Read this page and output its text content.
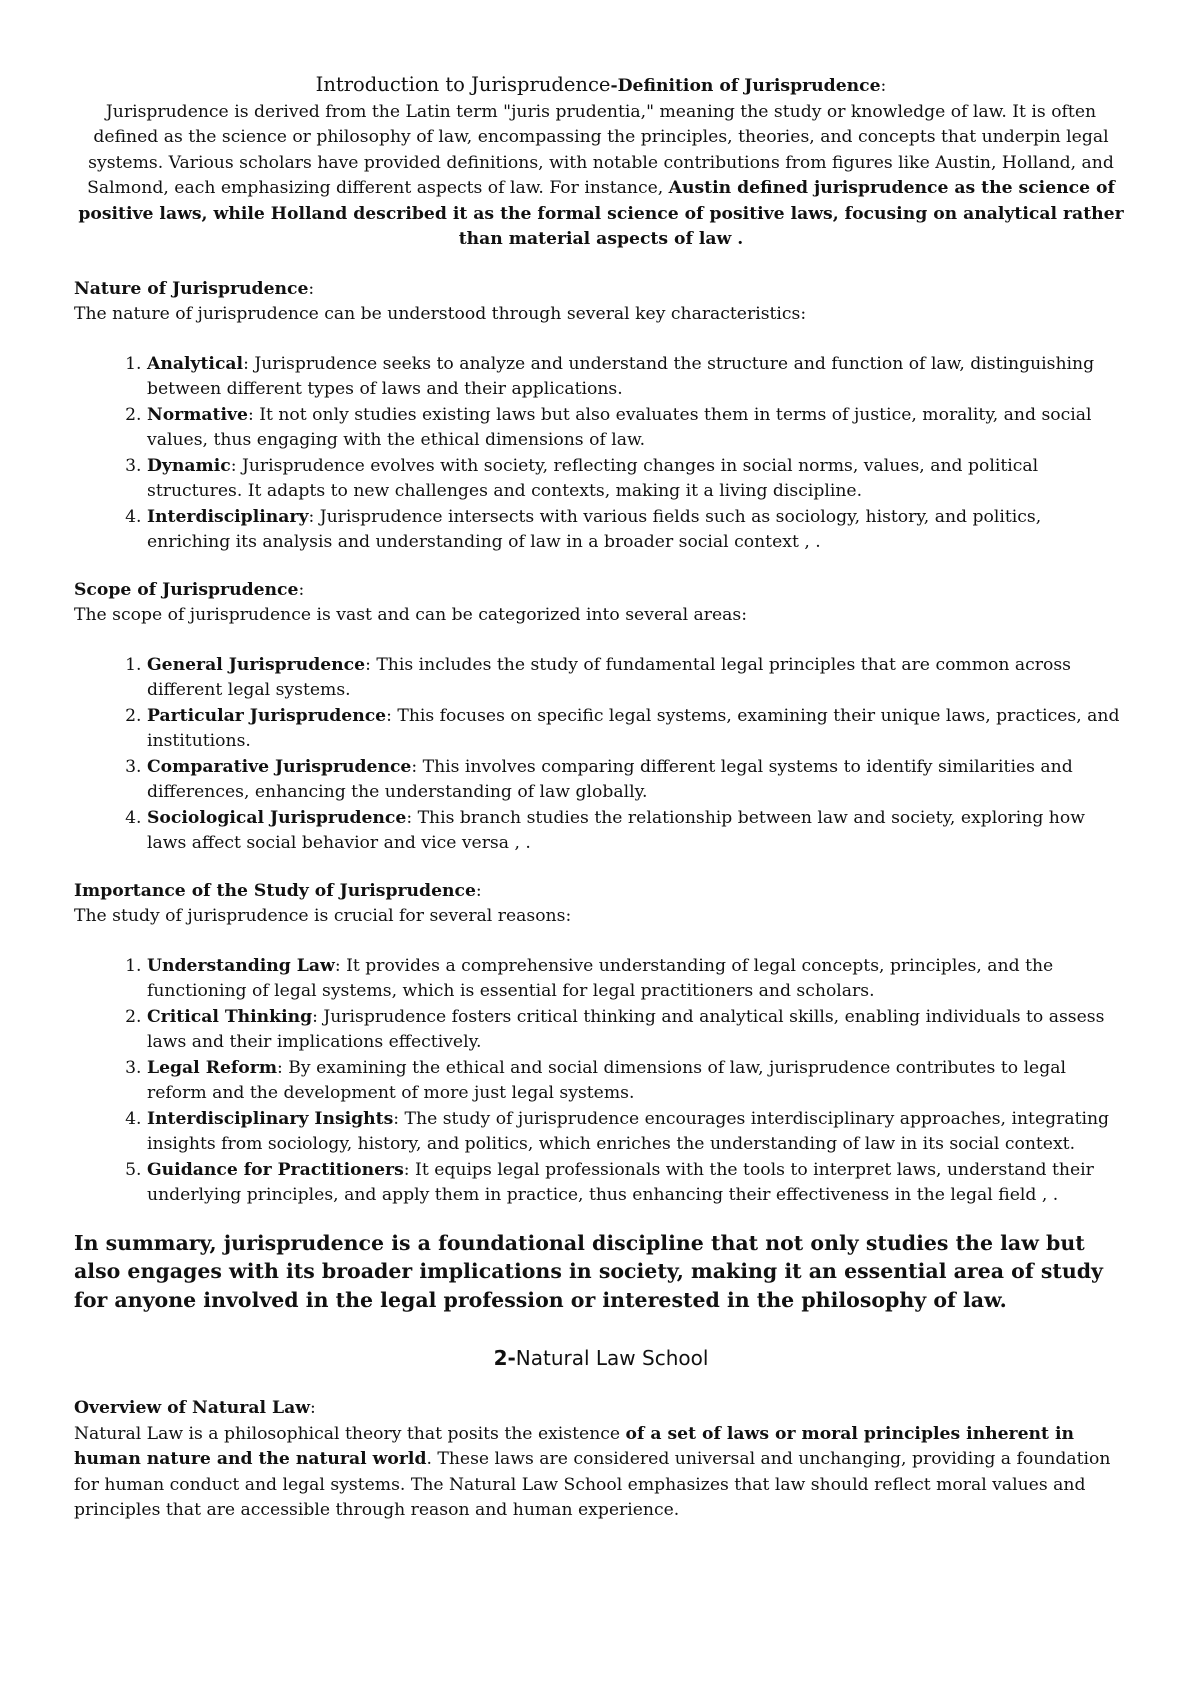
Introduction to Jurisprudence-Definition of Jurisprudence:

Jurisprudence is derived from the Latin term "juris prudentia," meaning the study or knowledge of law. It is often defined as the science or philosophy of law, encompassing the principles, theories, and concepts that underpin legal systems. Various scholars have provided definitions, with notable contributions from figures like Austin, Holland, and Salmond, each emphasizing different aspects of law. For instance, Austin defined jurisprudence as the science of positive laws, while Holland described it as the formal science of positive laws, focusing on analytical rather than material aspects of law .

Nature of Jurisprudence:

The nature of jurisprudence can be understood through several key characteristics:

1. Analytical: Jurisprudence seeks to analyze and understand the structure and function of law, distinguishing between different types of laws and their applications.
2. Normative: It not only studies existing laws but also evaluates them in terms of justice, morality, and social values, thus engaging with the ethical dimensions of law.
3. Dynamic: Jurisprudence evolves with society, reflecting changes in social norms, values, and political structures. It adapts to new challenges and contexts, making it a living discipline.
4. Interdisciplinary: Jurisprudence intersects with various fields such as sociology, history, and politics, enriching its analysis and understanding of law in a broader social context , .
Scope of Jurisprudence:

The scope of jurisprudence is vast and can be categorized into several areas:

1. General Jurisprudence: This includes the study of fundamental legal principles that are common across different legal systems.
2. Particular Jurisprudence: This focuses on specific legal systems, examining their unique laws, practices, and institutions.
3. Comparative Jurisprudence: This involves comparing different legal systems to identify similarities and differences, enhancing the understanding of law globally.
4. Sociological Jurisprudence: This branch studies the relationship between law and society, exploring how laws affect social behavior and vice versa , .
Importance of the Study of Jurisprudence:

The study of jurisprudence is crucial for several reasons:

1. Understanding Law: It provides a comprehensive understanding of legal concepts, principles, and the functioning of legal systems, which is essential for legal practitioners and scholars.
2. Critical Thinking: Jurisprudence fosters critical thinking and analytical skills, enabling individuals to assess laws and their implications effectively.
3. Legal Reform: By examining the ethical and social dimensions of law, jurisprudence contributes to legal reform and the development of more just legal systems.
4. Interdisciplinary Insights: The study of jurisprudence encourages interdisciplinary approaches, integrating insights from sociology, history, and politics, which enriches the understanding of law in its social context.
5. Guidance for Practitioners: It equips legal professionals with the tools to interpret laws, understand their underlying principles, and apply them in practice, thus enhancing their effectiveness in the legal field , .

In summary, jurisprudence is a foundational discipline that not only studies the law but also engages with its broader implications in society, making it an essential area of study for anyone involved in the legal profession or interested in the philosophy of law.

2-Natural Law School
Overview of Natural Law:

Natural Law is a philosophical theory that posits the existence of a set of laws or moral principles inherent in human nature and the natural world. These laws are considered universal and unchanging, providing a foundation for human conduct and legal systems. The Natural Law School emphasizes that law should reflect moral values and principles that are accessible through reason and human experience.
